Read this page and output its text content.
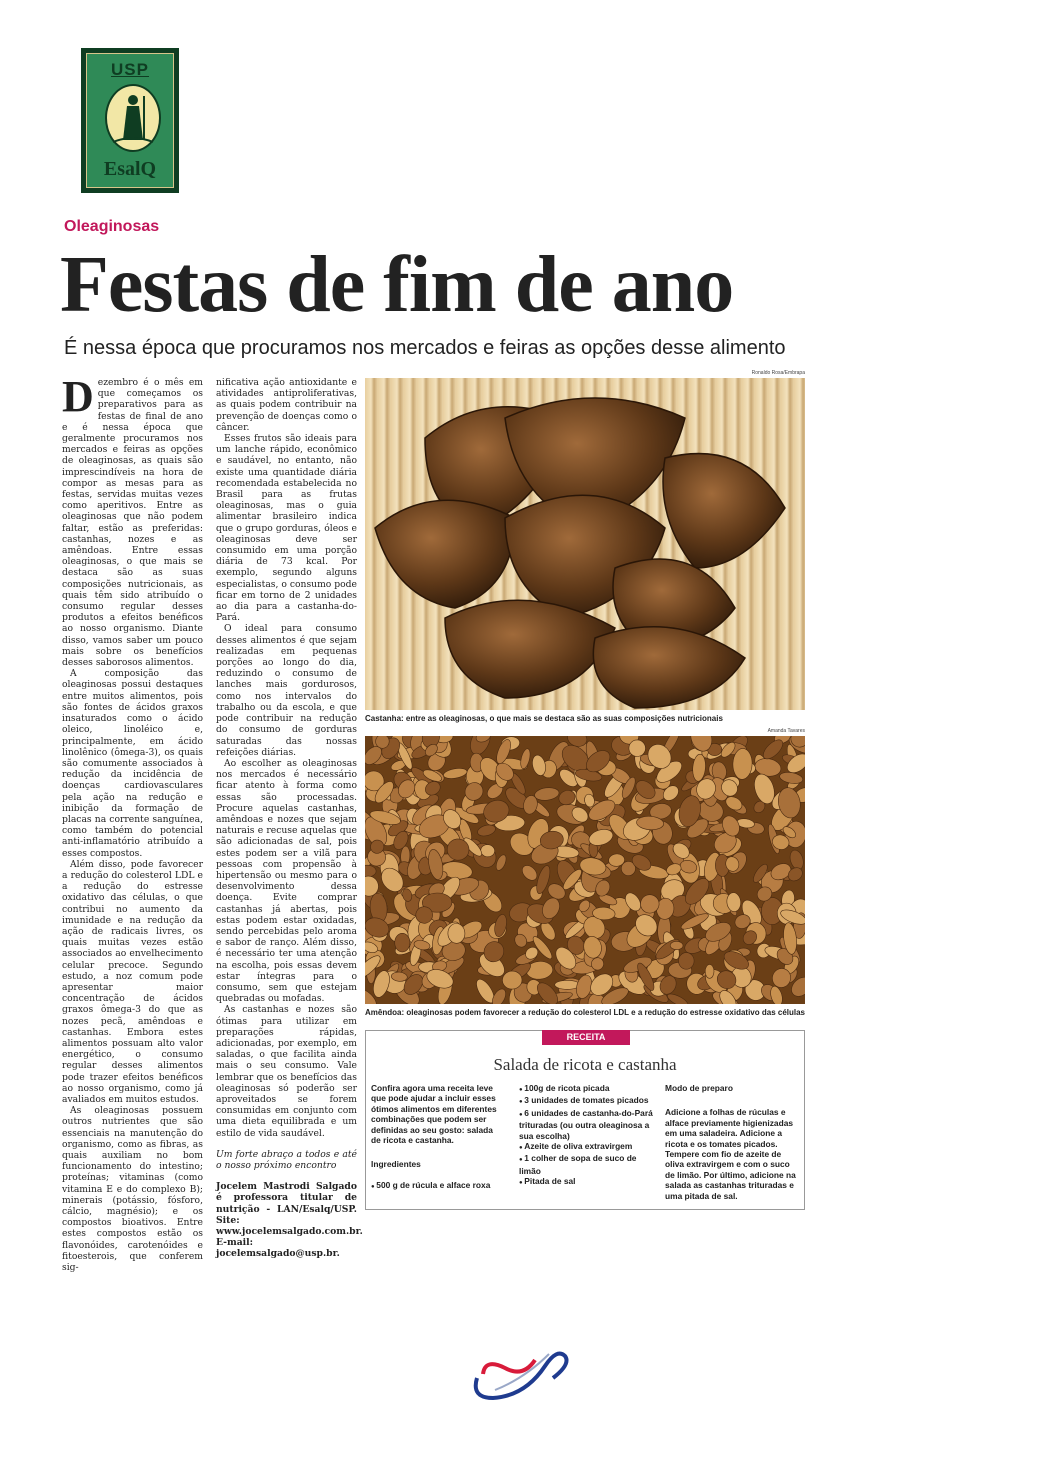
USP
EsalQ
Oleaginosas
Festas de fim de ano
É nessa época que procuramos nos mercados e feiras as opções desse alimento

Dezembro é o mês em que começamos os preparativos para as festas de final de ano e é nessa época que geralmente procuramos nos mercados e feiras as opções de oleaginosas, as quais são imprescindíveis na hora de compor as mesas para as festas, servidas muitas vezes como aperitivos. Entre as oleaginosas que não podem faltar, estão as preferidas: castanhas, nozes e as amêndoas. Entre essas oleaginosas, o que mais se destaca são as suas composições nutricionais, as quais têm sido atribuído o consumo regular desses produtos a efeitos benéficos ao nosso organismo. Diante disso, vamos saber um pouco mais sobre os benefícios desses saborosos alimentos.

A composição das oleaginosas possui destaques entre muitos alimentos, pois são fontes de ácidos graxos insaturados como o ácido oleico, linoléico e, principalmente, em ácido linolênico (ômega-3), os quais são comumente associados à redução da incidência de doenças cardiovasculares pela ação na redução e inibição da formação de placas na corrente sanguínea, como também do potencial anti-inflamatório atribuído a esses compostos.

Além disso, pode favorecer a redução do colesterol LDL e a redução do estresse oxidativo das células, o que contribui no aumento da imunidade e na redução da ação de radicais livres, os quais muitas vezes estão associados ao envelhecimento celular precoce. Segundo estudo, a noz comum pode apresentar maior concentração de ácidos graxos ômega-3 do que as nozes pecã, amêndoas e castanhas. Embora estes alimentos possuam alto valor energético, o consumo regular desses alimentos pode trazer efeitos benéficos ao nosso organismo, como já avaliados em muitos estudos.

As oleaginosas possuem outros nutrientes que são essenciais na manutenção do organismo, como as fibras, as quais auxiliam no bom funcionamento do intestino; proteínas; vitaminas (como vitamina E e do complexo B); minerais (potássio, fósforo, cálcio, magnésio); e os compostos bioativos. Entre estes compostos estão os flavonóides, carotenóides e fitoesterois, que conferem sig-

nificativa ação antioxidante e atividades antiproliferativas, as quais podem contribuir na prevenção de doenças como o câncer.

Esses frutos são ideais para um lanche rápido, econômico e saudável, no entanto, não existe uma quantidade diária recomendada estabelecida no Brasil para as frutas oleaginosas, mas o guia alimentar brasileiro indica que o grupo gorduras, óleos e oleaginosas deve ser consumido em uma porção diária de 73 kcal. Por exemplo, segundo alguns especialistas, o consumo pode ficar em torno de 2 unidades ao dia para a castanha-do-Pará.

O ideal para consumo desses alimentos é que sejam realizadas em pequenas porções ao longo do dia, reduzindo o consumo de lanches mais gordurosos, como nos intervalos do trabalho ou da escola, e que pode contribuir na redução do consumo de gorduras saturadas das nossas refeições diárias.

Ao escolher as oleaginosas nos mercados é necessário ficar atento à forma como essas são processadas. Procure aquelas castanhas, amêndoas e nozes que sejam naturais e recuse aquelas que são adicionadas de sal, pois estes podem ser a vilã para pessoas com propensão à hipertensão ou mesmo para o desenvolvimento dessa doença. Evite comprar castanhas já abertas, pois estas podem estar oxidadas, sendo percebidas pelo aroma e sabor de ranço. Além disso, é necessário ter uma atenção na escolha, pois essas devem estar íntegras para o consumo, sem que estejam quebradas ou mofadas.

As castanhas e nozes são ótimas para utilizar em preparações rápidas, adicionadas, por exemplo, em saladas, o que facilita ainda mais o seu consumo. Vale lembrar que os benefícios das oleaginosas só poderão ser aproveitados se forem consumidas em conjunto com uma dieta equilibrada e um estilo de vida saudável.

Um forte abraço a todos e até o nosso próximo encontro

Jocelem Mastrodi Salgado é professora titular de nutrição - LAN/Esalq/USP. Site: www.jocelemsalgado.com.br. E-mail: jocelemsalgado@usp.br.

Ronaldo Rosa/Embrapa
Castanha: entre as oleaginosas, o que mais se destaca são as suas composições nutricionais
Amanda Tavares
Amêndoa: oleaginosas podem favorecer a redução do colesterol LDL e a redução do estresse oxidativo das células
RECEITA
Salada de ricota e castanha
Confira agora uma receita leve que pode ajudar a incluir esses ótimos alimentos em diferentes combinações que podem ser definidas ao seu gosto: salada de ricota e castanha.
Ingredientes
● 500 g de rúcula e alface roxa
● 100g de ricota picada
● 3 unidades de tomates picados
● 6 unidades de castanha-do-Pará trituradas (ou outra oleaginosa a sua escolha)
● Azeite de oliva extravirgem
● 1 colher de sopa de suco de limão
● Pitada de sal
Modo de preparo
Adicione a folhas de rúculas e alface previamente higienizadas em uma saladeira. Adicione a ricota e os tomates picados. Tempere com fio de azeite de oliva extravirgem e com o suco de limão. Por último, adicione na salada as castanhas trituradas e uma pitada de sal.
